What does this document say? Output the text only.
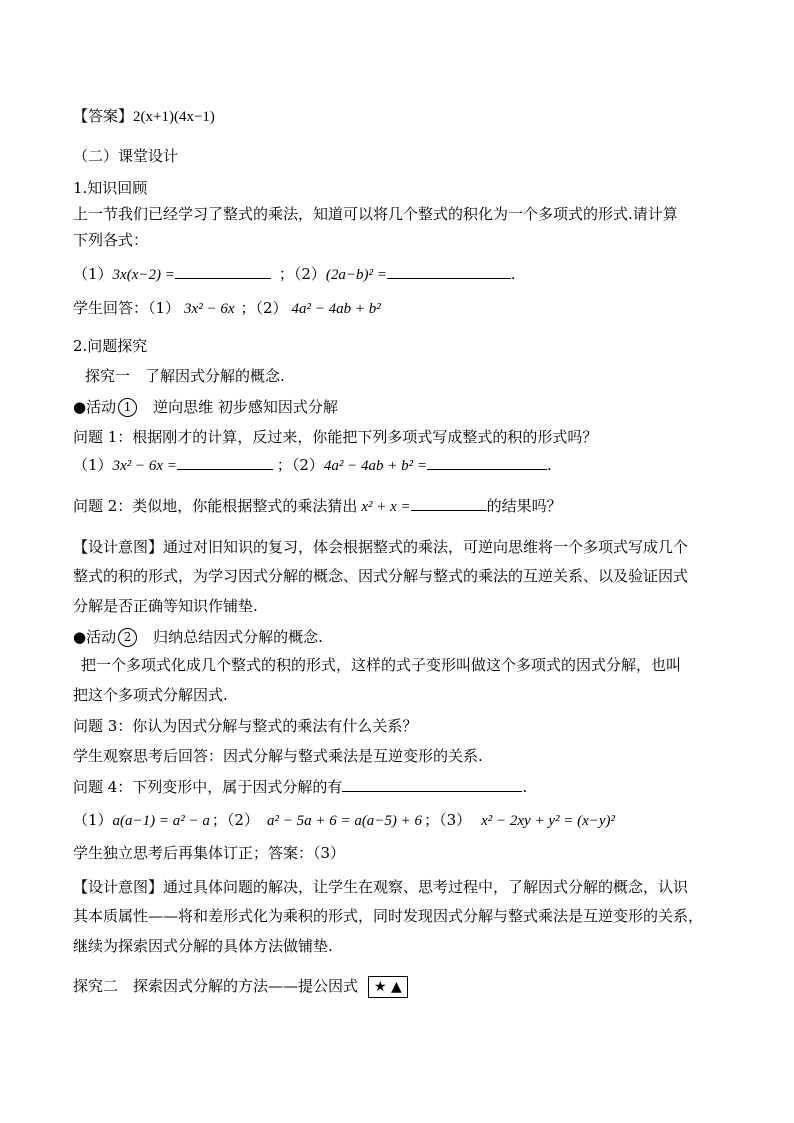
【答案】2(x+1)(4x−1)
（二）课堂设计
1.知识回顾
上一节我们已经学习了整式的乘法，知道可以将几个整式的积化为一个多项式的形式.请计算
下列各式：
（1）3x(x−2) =	；（2）(2a−b)² =	.
学生回答：（1） 3x² − 6x ；（2） 4a² − 4ab + b²
2.问题探究
探究一　了解因式分解的概念.
●活动 1 逆向思维 初步感知因式分解
问题 1：根据刚才的计算，反过来，你能把下列多项式写成整式的积的形式吗？
（1）3x² − 6x =	；（2）4a² − 4ab + b² =	.
问题 2：类似地，你能根据整式的乘法猜出 x² + x =	的结果吗？
【设计意图】通过对旧知识的复习，体会根据整式的乘法，可逆向思维将一个多项式写成几个
整式的积的形式，为学习因式分解的概念、因式分解与整式的乘法的互逆关系、以及验证因式
分解是否正确等知识作铺垫.
●活动 2 归纳总结因式分解的概念.
把一个多项式化成几个整式的积的形式，这样的式子变形叫做这个多项式的因式分解，也叫
把这个多项式分解因式.
问题 3：你认为因式分解与整式的乘法有什么关系？
学生观察思考后回答：因式分解与整式乘法是互逆变形的关系.
问题 4：下列变形中，属于因式分解的有	.
（1）a(a−1) = a² − a ；（2） a² − 5a + 6 = a(a−5) + 6 ；（3） x² − 2xy + y² = (x−y)²
学生独立思考后再集体订正；答案：（3）
【设计意图】通过具体问题的解决，让学生在观察、思考过程中，了解因式分解的概念，认识
其本质属性——将和差形式化为乘积的形式，同时发现因式分解与整式乘法是互逆变形的关系，
继续为探索因式分解的具体方法做铺垫.
探究二　探索因式分解的方法——提公因式 ★ ▲
